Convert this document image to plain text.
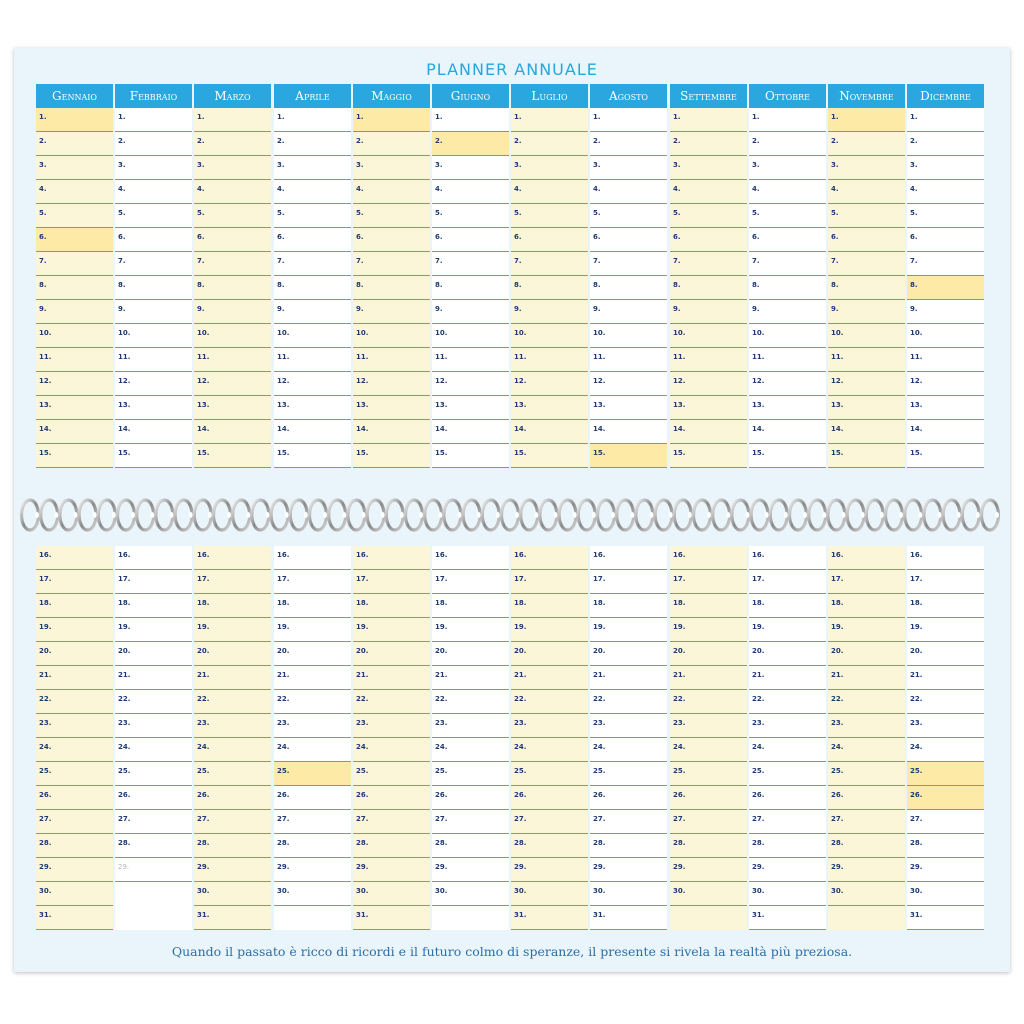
PLANNER ANNUALE
Gennaio
1.
2.
3.
4.
5.
6.
7.
8.
9.
10.
11.
12.
13.
14.
15.
Febbraio
1.
2.
3.
4.
5.
6.
7.
8.
9.
10.
11.
12.
13.
14.
15.
Marzo
1.
2.
3.
4.
5.
6.
7.
8.
9.
10.
11.
12.
13.
14.
15.
Aprile
1.
2.
3.
4.
5.
6.
7.
8.
9.
10.
11.
12.
13.
14.
15.
Maggio
1.
2.
3.
4.
5.
6.
7.
8.
9.
10.
11.
12.
13.
14.
15.
Giugno
1.
2.
3.
4.
5.
6.
7.
8.
9.
10.
11.
12.
13.
14.
15.
Luglio
1.
2.
3.
4.
5.
6.
7.
8.
9.
10.
11.
12.
13.
14.
15.
Agosto
1.
2.
3.
4.
5.
6.
7.
8.
9.
10.
11.
12.
13.
14.
15.
Settembre
1.
2.
3.
4.
5.
6.
7.
8.
9.
10.
11.
12.
13.
14.
15.
Ottobre
1.
2.
3.
4.
5.
6.
7.
8.
9.
10.
11.
12.
13.
14.
15.
Novembre
1.
2.
3.
4.
5.
6.
7.
8.
9.
10.
11.
12.
13.
14.
15.
Dicembre
1.
2.
3.
4.
5.
6.
7.
8.
9.
10.
11.
12.
13.
14.
15.
16.
17.
18.
19.
20.
21.
22.
23.
24.
25.
26.
27.
28.
29.
30.
31.
16.
17.
18.
19.
20.
21.
22.
23.
24.
25.
26.
27.
28.
29.
16.
17.
18.
19.
20.
21.
22.
23.
24.
25.
26.
27.
28.
29.
30.
31.
16.
17.
18.
19.
20.
21.
22.
23.
24.
25.
26.
27.
28.
29.
30.
16.
17.
18.
19.
20.
21.
22.
23.
24.
25.
26.
27.
28.
29.
30.
31.
16.
17.
18.
19.
20.
21.
22.
23.
24.
25.
26.
27.
28.
29.
30.
16.
17.
18.
19.
20.
21.
22.
23.
24.
25.
26.
27.
28.
29.
30.
31.
16.
17.
18.
19.
20.
21.
22.
23.
24.
25.
26.
27.
28.
29.
30.
31.
16.
17.
18.
19.
20.
21.
22.
23.
24.
25.
26.
27.
28.
29.
30.
16.
17.
18.
19.
20.
21.
22.
23.
24.
25.
26.
27.
28.
29.
30.
31.
16.
17.
18.
19.
20.
21.
22.
23.
24.
25.
26.
27.
28.
29.
30.
16.
17.
18.
19.
20.
21.
22.
23.
24.
25.
26.
27.
28.
29.
30.
31.
Quando il passato è ricco di ricordi e il futuro colmo di speranze, il presente si rivela la realtà più preziosa.
